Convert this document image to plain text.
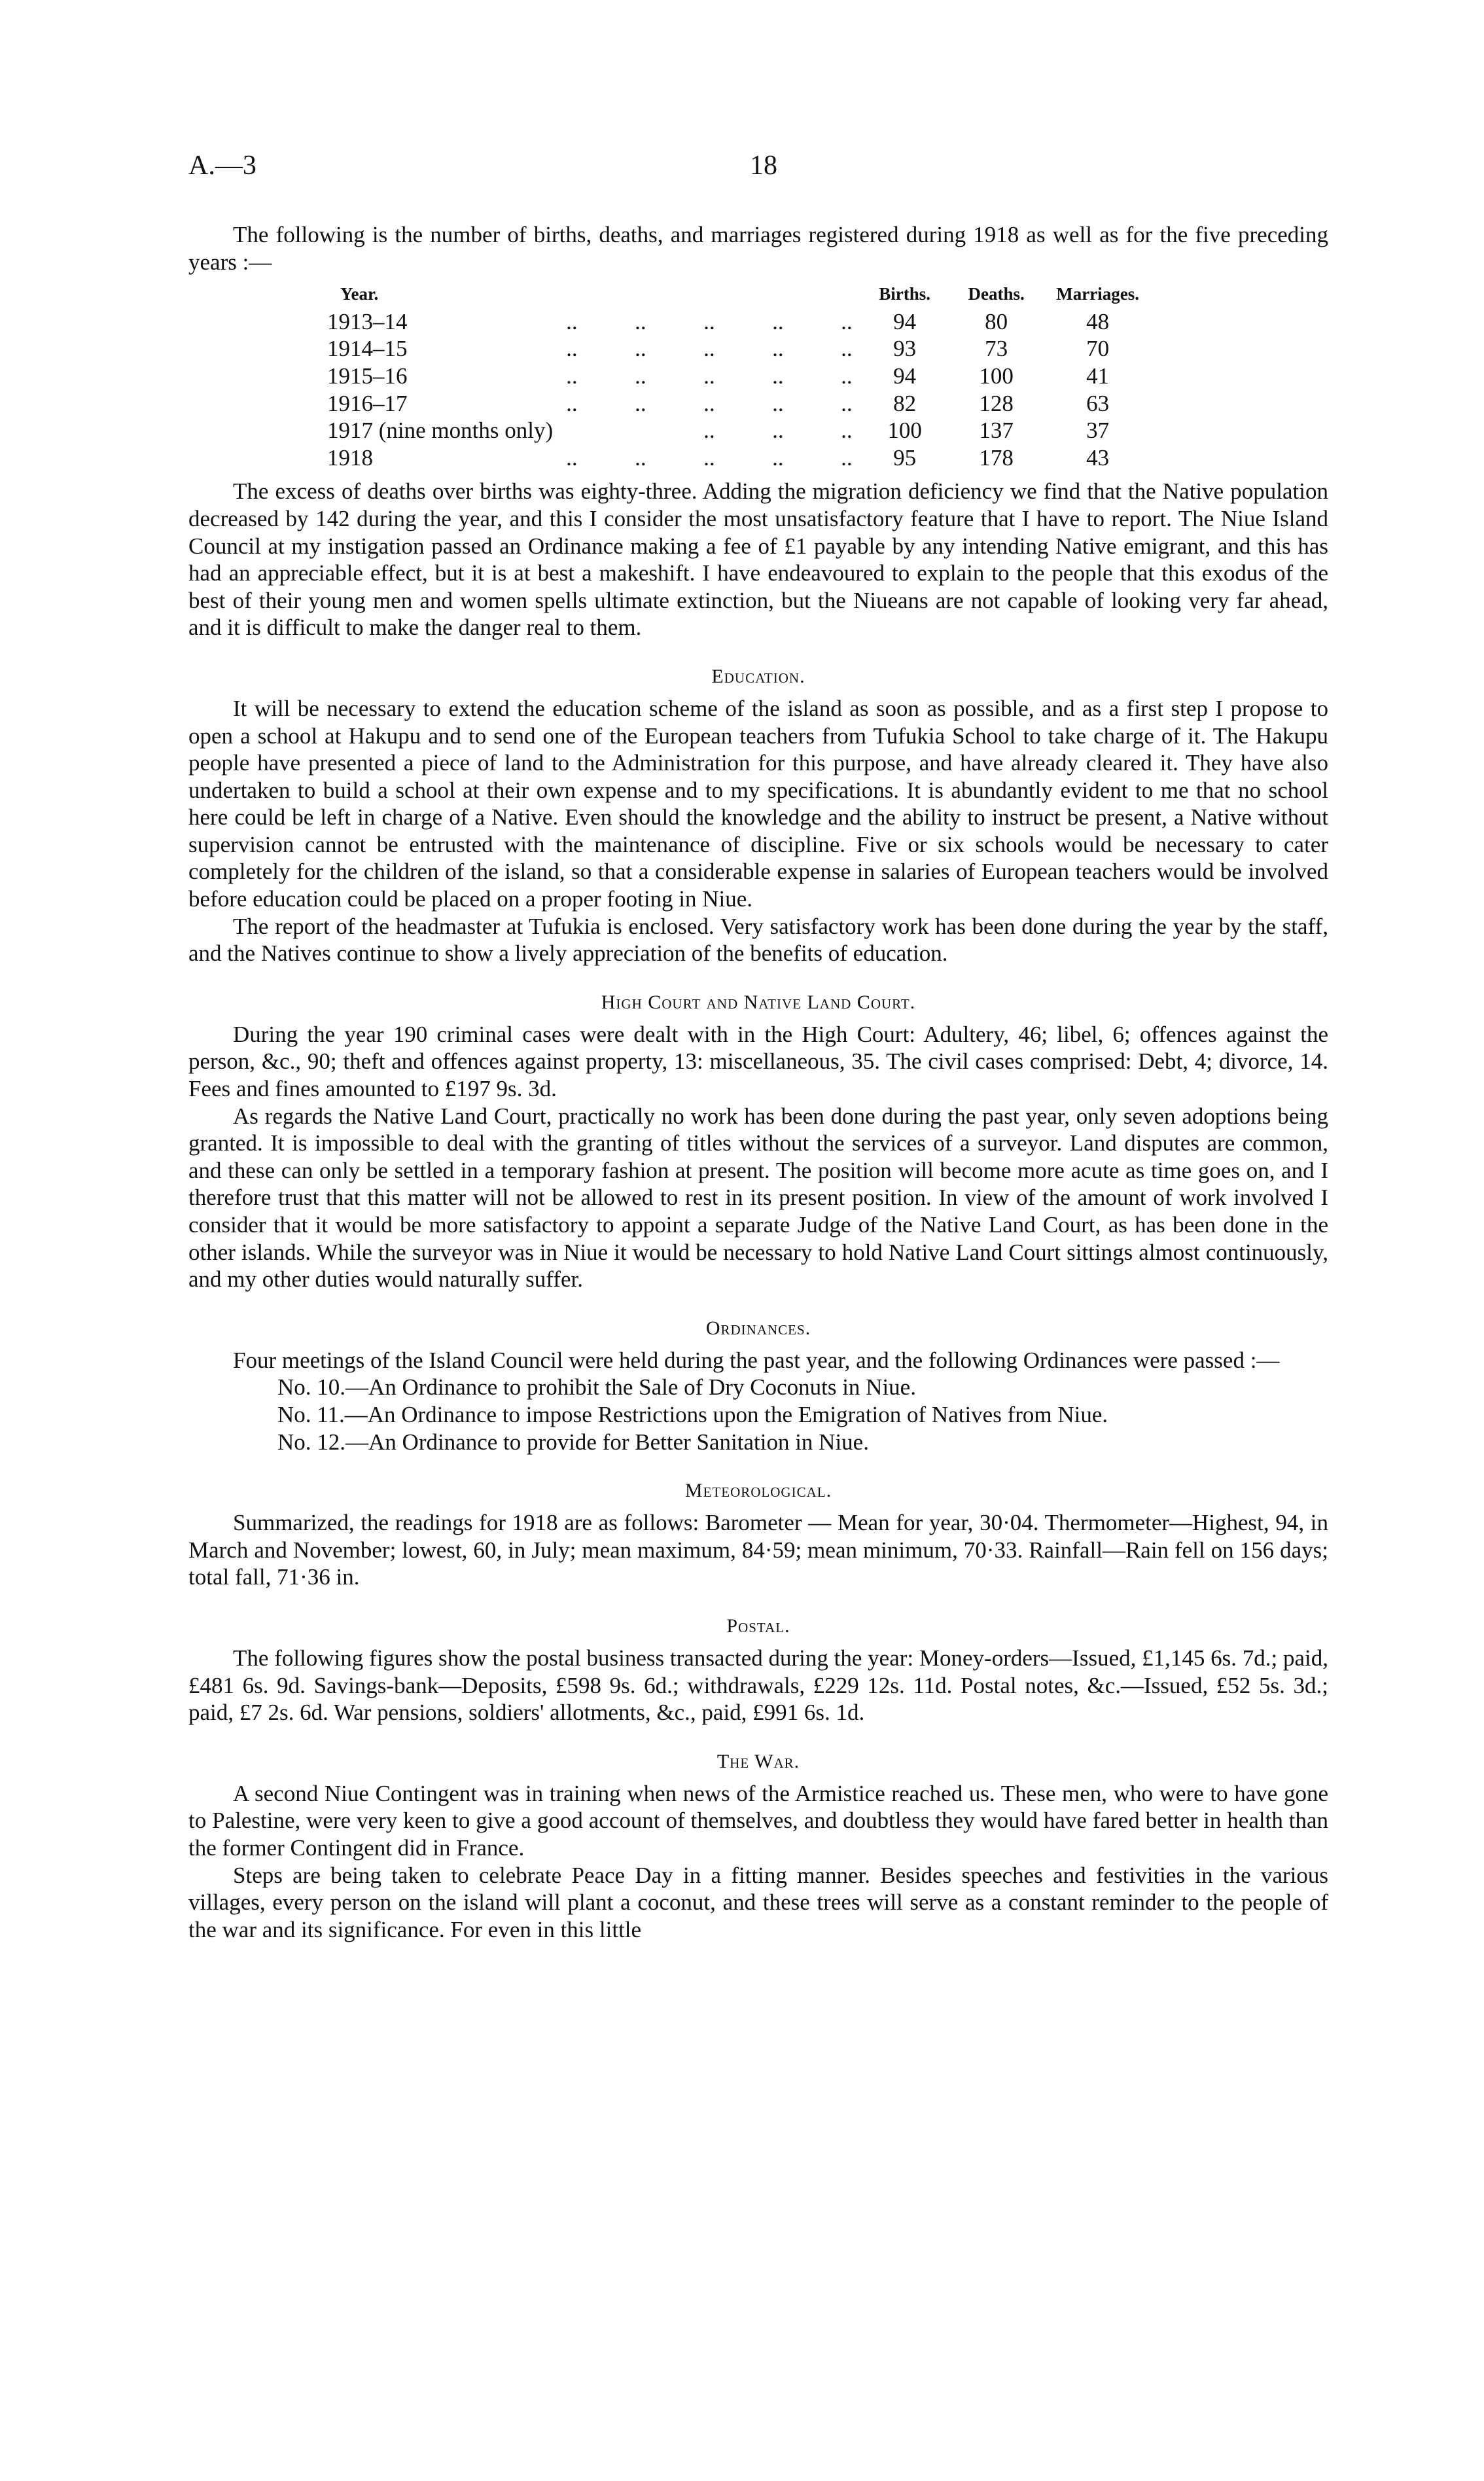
A.—3	18

The following is the number of births, deaths, and marriages registered during 1918 as well as for the five preceding years :—

Year.		Births.	Deaths.	Marriages.
1913–14	..          ..          ..          ..          ..	94	80	48
1914–15	..          ..          ..          ..          ..	93	73	70
1915–16	..          ..          ..          ..          ..	94	100	41
1916–17	..          ..          ..          ..          ..	82	128	63
1917 (nine months only)	..          ..          ..	100	137	37
1918	..          ..          ..          ..          ..	95	178	43

The excess of deaths over births was eighty-three. Adding the migration deficiency we find that the Native population decreased by 142 during the year, and this I consider the most unsatisfactory feature that I have to report. The Niue Island Council at my instigation passed an Ordinance making a fee of £1 payable by any intending Native emigrant, and this has had an appreciable effect, but it is at best a makeshift. I have endeavoured to explain to the people that this exodus of the best of their young men and women spells ultimate extinction, but the Niueans are not capable of looking very far ahead, and it is difficult to make the danger real to them.

Education.

It will be necessary to extend the education scheme of the island as soon as possible, and as a first step I propose to open a school at Hakupu and to send one of the European teachers from Tufukia School to take charge of it. The Hakupu people have presented a piece of land to the Administration for this purpose, and have already cleared it. They have also undertaken to build a school at their own expense and to my specifications. It is abundantly evident to me that no school here could be left in charge of a Native. Even should the knowledge and the ability to instruct be present, a Native without supervision cannot be entrusted with the maintenance of discipline. Five or six schools would be necessary to cater completely for the children of the island, so that a considerable expense in salaries of European teachers would be involved before education could be placed on a proper footing in Niue.

The report of the headmaster at Tufukia is enclosed. Very satisfactory work has been done during the year by the staff, and the Natives continue to show a lively appreciation of the benefits of education.

High Court and Native Land Court.

During the year 190 criminal cases were dealt with in the High Court: Adultery, 46; libel, 6; offences against the person, &c., 90; theft and offences against property, 13: miscellaneous, 35. The civil cases comprised: Debt, 4; divorce, 14. Fees and fines amounted to £197 9s. 3d.

As regards the Native Land Court, practically no work has been done during the past year, only seven adoptions being granted. It is impossible to deal with the granting of titles without the services of a surveyor. Land disputes are common, and these can only be settled in a temporary fashion at present. The position will become more acute as time goes on, and I therefore trust that this matter will not be allowed to rest in its present position. In view of the amount of work involved I consider that it would be more satisfactory to appoint a separate Judge of the Native Land Court, as has been done in the other islands. While the surveyor was in Niue it would be necessary to hold Native Land Court sittings almost continuously, and my other duties would naturally suffer.

Ordinances.

Four meetings of the Island Council were held during the past year, and the following Ordinances were passed :—

No. 10.—An Ordinance to prohibit the Sale of Dry Coconuts in Niue.

No. 11.—An Ordinance to impose Restrictions upon the Emigration of Natives from Niue.

No. 12.—An Ordinance to provide for Better Sanitation in Niue.

Meteorological.

Summarized, the readings for 1918 are as follows: Barometer — Mean for year, 30·04. Thermometer—Highest, 94, in March and November; lowest, 60, in July; mean maximum, 84·59; mean minimum, 70·33. Rainfall—Rain fell on 156 days; total fall, 71·36 in.

Postal.

The following figures show the postal business transacted during the year: Money-orders—Issued, £1,145 6s. 7d.; paid, £481 6s. 9d. Savings-bank—Deposits, £598 9s. 6d.; withdrawals, £229 12s. 11d. Postal notes, &c.—Issued, £52 5s. 3d.; paid, £7 2s. 6d. War pensions, soldiers' allotments, &c., paid, £991 6s. 1d.

The War.

A second Niue Contingent was in training when news of the Armistice reached us. These men, who were to have gone to Palestine, were very keen to give a good account of themselves, and doubtless they would have fared better in health than the former Contingent did in France.

Steps are being taken to celebrate Peace Day in a fitting manner. Besides speeches and festivities in the various villages, every person on the island will plant a coconut, and these trees will serve as a constant reminder to the people of the war and its significance. For even in this little
